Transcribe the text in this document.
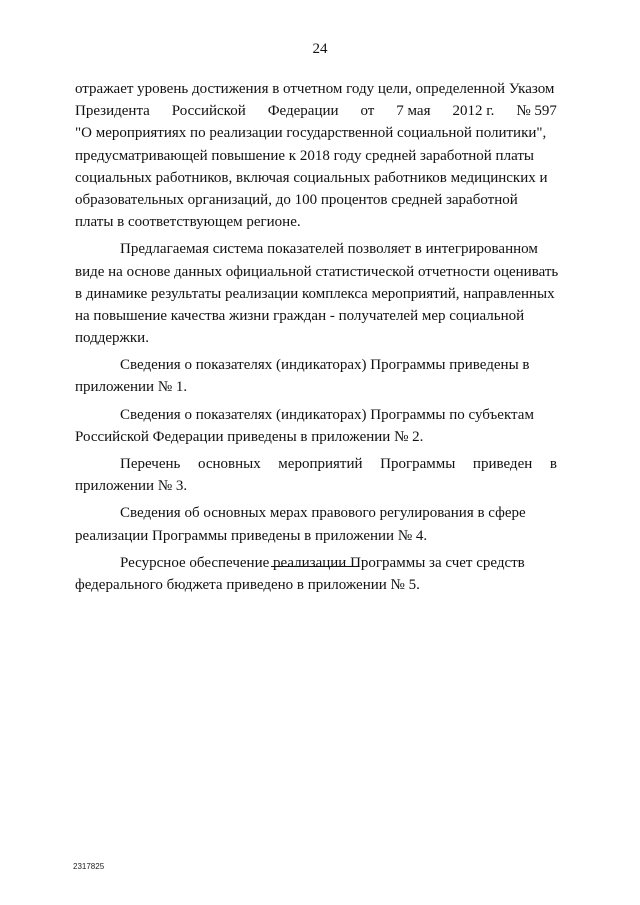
24
отражает уровень достижения в отчетном году цели, определенной Указом
Президента Российской Федерации от 7 мая 2012 г. № 597
"О мероприятиях по реализации государственной социальной политики",
предусматривающей повышение к 2018 году средней заработной платы
социальных работников, включая социальных работников медицинских и
образовательных организаций, до 100 процентов средней заработной
платы в соответствующем регионе.
Предлагаемая система показателей позволяет в интегрированном
виде на основе данных официальной статистической отчетности оценивать
в динамике результаты реализации комплекса мероприятий, направленных
на повышение качества жизни граждан - получателей мер социальной
поддержки.
Сведения о показателях (индикаторах) Программы приведены в
приложении № 1.
Сведения о показателях (индикаторах) Программы по субъектам
Российской Федерации приведены в приложении № 2.
Перечень основных мероприятий Программы приведен в
приложении № 3.
Сведения об основных мерах правового регулирования в сфере
реализации Программы приведены в приложении № 4.
Ресурсное обеспечение реализации Программы за счет средств
федерального бюджета приведено в приложении № 5.
2317825
